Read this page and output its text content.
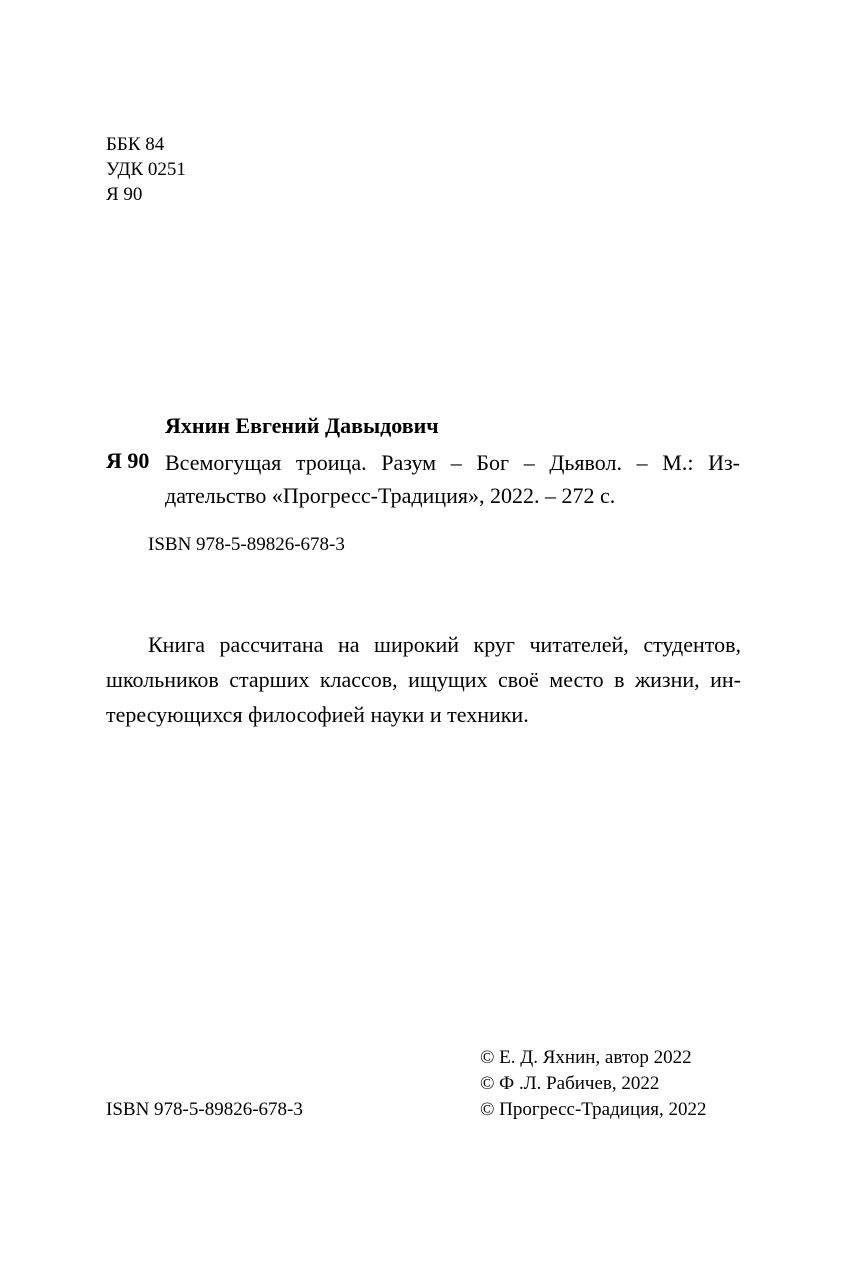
ББК 84
УДК 0251
Я 90
Яхнин Евгений Давыдович
Я 90 Всемогущая троица. Разум – Бог – Дьявол. – М.: Из-
дательство «Прогресс-Традиция», 2022. – 272 с.
ISBN 978-5-89826-678-3
Книга рассчитана на широкий круг читателей, студентов,
школьников старших классов, ищущих своё место в жизни, ин-
тересующихся философией науки и техники.
© Е. Д. Яхнин, автор 2022
© Ф .Л. Рабичев, 2022
© Прогресс-Традиция, 2022
ISBN 978-5-89826-678-3
